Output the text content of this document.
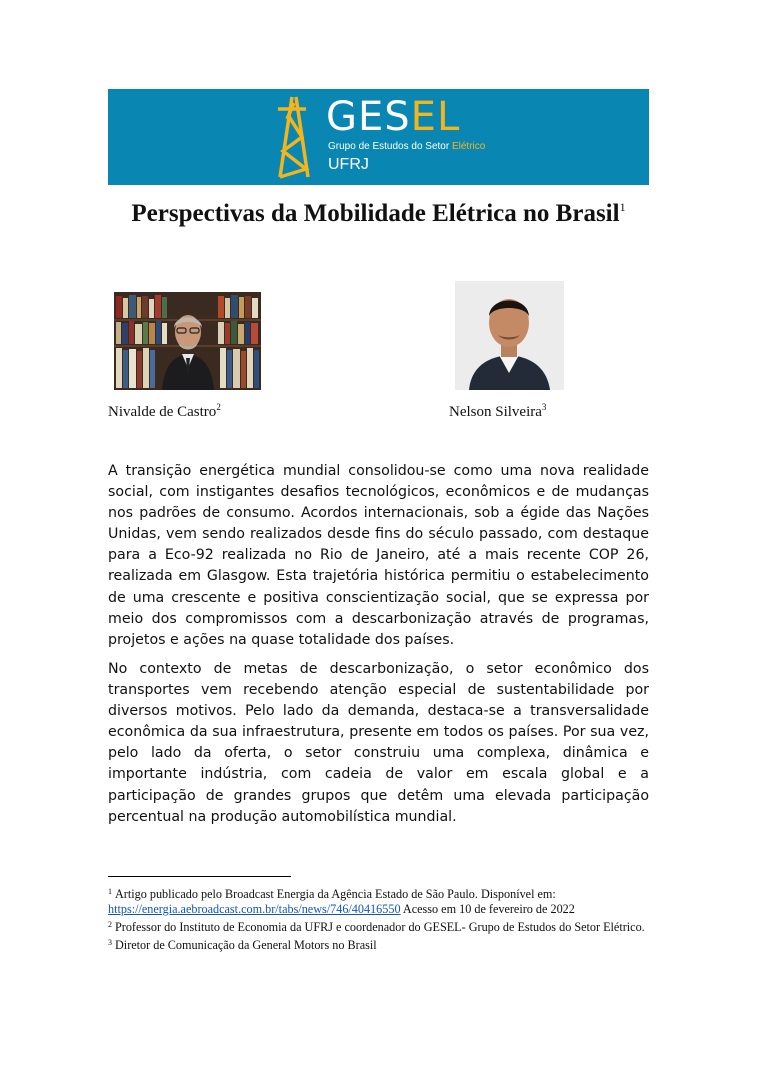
GESEL
Grupo de Estudos do Setor Elétrico
UFRJ
Perspectivas da Mobilidade Elétrica no Brasil$^1$
Nivalde de Castro$^2$	Nelson Silveira$^3$

A transição energética mundial consolidou-se como uma nova realidade social, com instigantes desafios tecnológicos, econômicos e de mudanças nos padrões de consumo. Acordos internacionais, sob a égide das Nações Unidas, vem sendo realizados desde fins do século passado, com destaque para a Eco-92 realizada no Rio de Janeiro, até a mais recente COP 26, realizada em Glasgow. Esta trajetória histórica permitiu o estabelecimento de uma crescente e positiva conscientização social, que se expressa por meio dos compromissos com a descarbonização através de programas, projetos e ações na quase totalidade dos países.

No contexto de metas de descarbonização, o setor econômico dos transportes vem recebendo atenção especial de sustentabilidade por diversos motivos. Pelo lado da demanda, destaca-se a transversalidade econômica da sua infraestrutura, presente em todos os países. Por sua vez, pelo lado da oferta, o setor construiu uma complexa, dinâmica e importante indústria, com cadeia de valor em escala global e a participação de grandes grupos que detêm uma elevada participação percentual na produção automobilística mundial.

$^1$ Artigo publicado pelo Broadcast Energia da Agência Estado de São Paulo. Disponível em: https://energia.aebroadcast.com.br/tabs/news/746/40416550 Acesso em 10 de fevereiro de 2022

$^2$ Professor do Instituto de Economia da UFRJ e coordenador do GESEL- Grupo de Estudos do Setor Elétrico.

$^3$ Diretor de Comunicação da General Motors no Brasil
